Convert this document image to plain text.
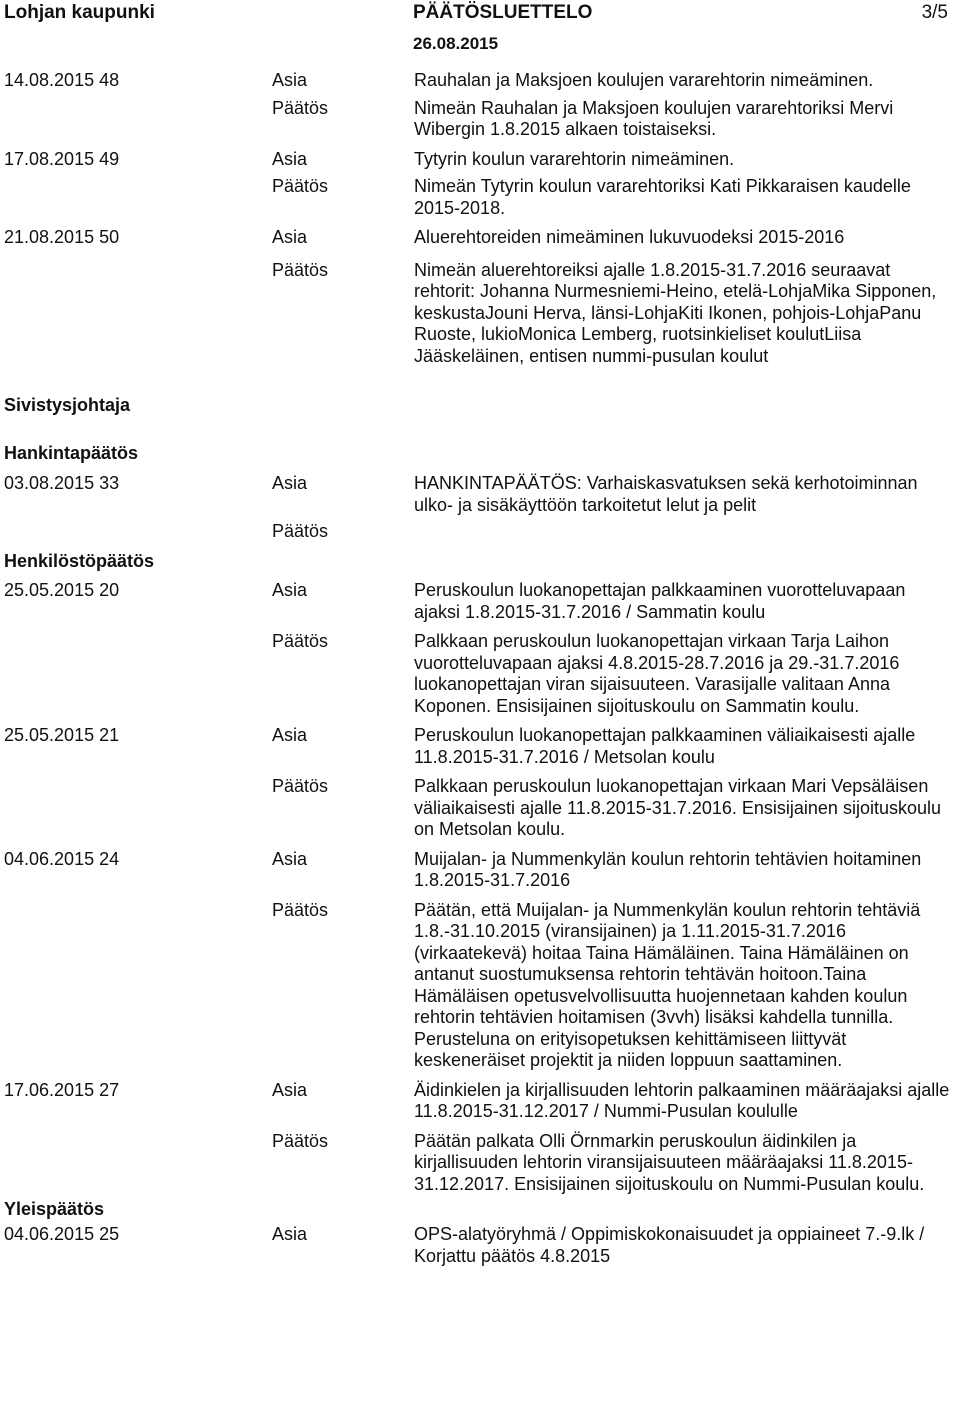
Lohjan kaupunki	PÄÄTÖSLUETTELO
26.08.2015
3/5
14.08.2015 48	Asia	Rauhalan ja Maksjoen koulujen vararehtorin nimeäminen.
Päätös	Nimeän Rauhalan ja Maksjoen koulujen vararehtoriksi Mervi Wibergin 1.8.2015 alkaen toistaiseksi.
17.08.2015 49	Asia	Tytyrin koulun vararehtorin nimeäminen.
Päätös	Nimeän Tytyrin koulun vararehtoriksi Kati Pikkaraisen kaudelle 2015-2018.
21.08.2015 50	Asia	Aluerehtoreiden nimeäminen lukuvuodeksi 2015-2016
Päätös	Nimeän aluerehtoreiksi ajalle 1.8.2015-31.7.2016 seuraavat rehtorit: Johanna Nurmesniemi-Heino, etelä-LohjaMika Sipponen, keskustaJouni Herva, länsi-LohjaKiti Ikonen, pohjois-LohjaPanu Ruoste, lukioMonica Lemberg, ruotsinkieliset koulutLiisa Jääskeläinen, entisen nummi-pusulan koulut
Sivistysjohtaja
Hankintapäätös
03.08.2015 33	Asia	HANKINTAPÄÄTÖS: Varhaiskasvatuksen sekä kerhotoiminnan ulko- ja sisäkäyttöön tarkoitetut lelut ja pelit
Päätös
Henkilöstöpäätös
25.05.2015 20	Asia	Peruskoulun luokanopettajan palkkaaminen vuorotteluvapaan ajaksi 1.8.2015-31.7.2016 / Sammatin koulu
Päätös	Palkkaan peruskoulun luokanopettajan virkaan Tarja Laihon vuorotteluvapaan ajaksi 4.8.2015-28.7.2016 ja 29.-31.7.2016 luokanopettajan viran sijaisuuteen. Varasijalle valitaan Anna Koponen. Ensisijainen sijoituskoulu on Sammatin koulu.
25.05.2015 21	Asia	Peruskoulun luokanopettajan palkkaaminen väliaikaisesti ajalle 11.8.2015-31.7.2016 / Metsolan koulu
Päätös	Palkkaan peruskoulun luokanopettajan virkaan Mari Vepsäläisen väliaikaisesti ajalle 11.8.2015-31.7.2016. Ensisijainen sijoituskoulu on Metsolan koulu.
04.06.2015 24	Asia	Muijalan- ja Nummenkylän koulun rehtorin tehtävien hoitaminen 1.8.2015-31.7.2016
Päätös	Päätän, että Muijalan- ja Nummenkylän koulun rehtorin tehtäviä 1.8.-31.10.2015 (viransijainen) ja 1.11.2015-31.7.2016 (virkaatekevä) hoitaa Taina Hämäläinen. Taina Hämäläinen on antanut suostumuksensa rehtorin tehtävän hoitoon.Taina Hämäläisen opetusvelvollisuutta huojennetaan kahden koulun rehtorin tehtävien hoitamisen (3vvh) lisäksi kahdella tunnilla. Perusteluna on erityisopetuksen kehittämiseen liittyvät keskeneräiset projektit ja niiden loppuun saattaminen.
17.06.2015 27	Asia	Äidinkielen ja kirjallisuuden lehtorin palkaaminen määräajaksi ajalle 11.8.2015-31.12.2017 / Nummi-Pusulan koululle
Päätös	Päätän palkata Olli Örnmarkin peruskoulun äidinkilen ja kirjallisuuden lehtorin viransijaisuuteen määräajaksi 11.8.2015-31.12.2017. Ensisijainen sijoituskoulu on Nummi-Pusulan koulu.
Yleispäätös
04.06.2015 25	Asia	OPS-alatyöryhmä / Oppimiskokonaisuudet ja oppiaineet 7.-9.lk / Korjattu päätös 4.8.2015
